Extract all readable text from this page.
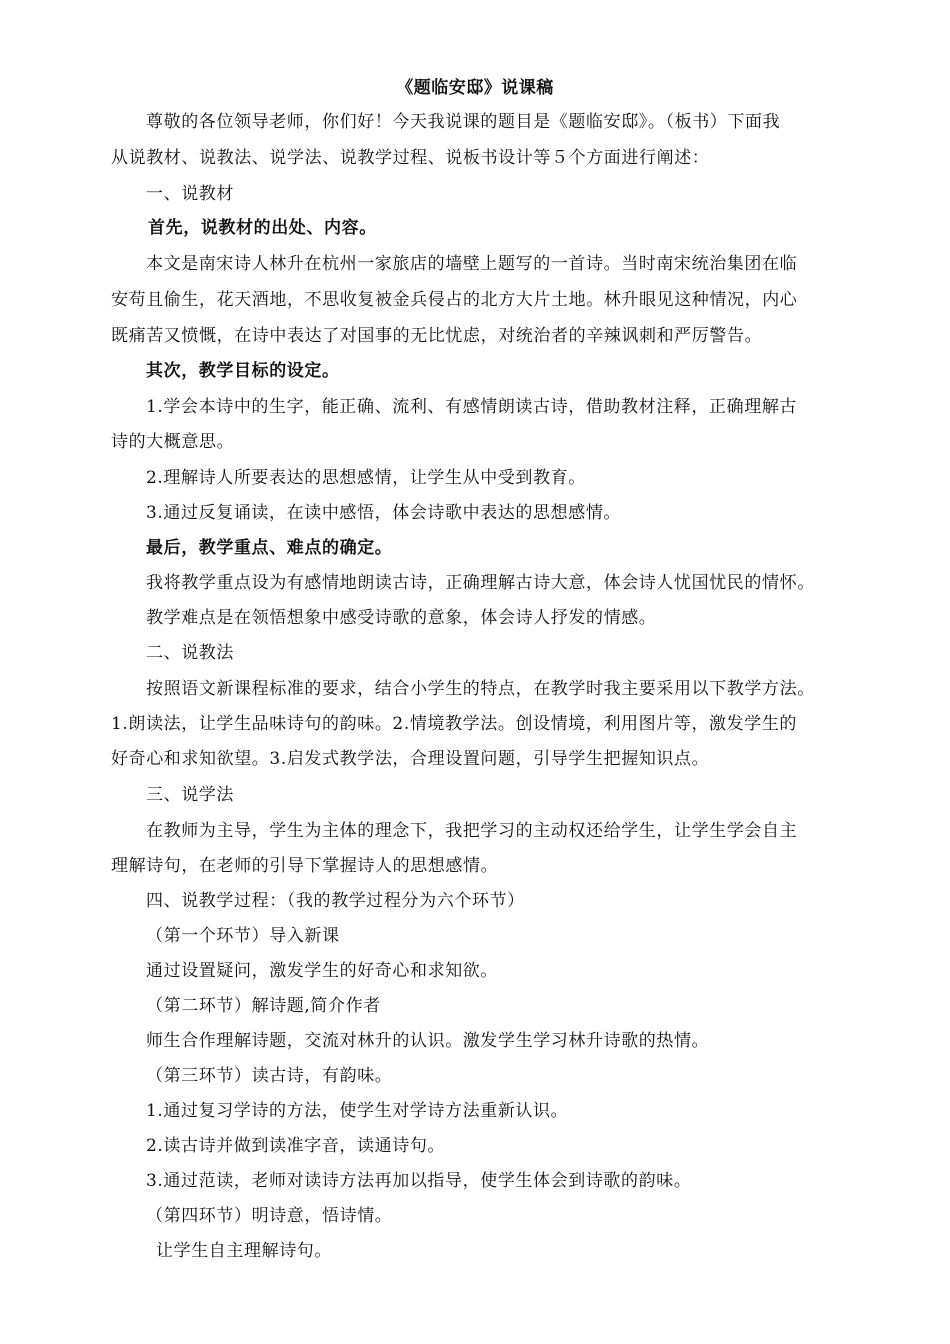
《题临安邸》说课稿
尊敬的各位领导老师，你们好！今天我说课的题目是《题临安邸》。（板书）下面我
从说教材、说教法、说学法、说教学过程、说板书设计等５个方面进行阐述：
一、说教材
首先，说教材的出处、内容。
本文是南宋诗人林升在杭州一家旅店的墙壁上题写的一首诗。当时南宋统治集团在临
安苟且偷生，花天酒地，不思收复被金兵侵占的北方大片土地。林升眼见这种情况，内心
既痛苦又愤慨，在诗中表达了对国事的无比忧虑，对统治者的辛辣讽刺和严厉警告。
其次，教学目标的设定。
1.学会本诗中的生字，能正确、流利、有感情朗读古诗，借助教材注释，正确理解古
诗的大概意思。
2.理解诗人所要表达的思想感情，让学生从中受到教育。
3.通过反复诵读，在读中感悟，体会诗歌中表达的思想感情。
最后，教学重点、难点的确定。
我将教学重点设为有感情地朗读古诗，正确理解古诗大意，体会诗人忧国忧民的情怀。
教学难点是在领悟想象中感受诗歌的意象，体会诗人抒发的情感。
二、说教法
按照语文新课程标准的要求，结合小学生的特点，在教学时我主要采用以下教学方法。
1.朗读法，让学生品味诗句的韵味。2.情境教学法。创设情境，利用图片等，激发学生的
好奇心和求知欲望。3.启发式教学法，合理设置问题，引导学生把握知识点。
三、说学法
在教师为主导，学生为主体的理念下，我把学习的主动权还给学生，让学生学会自主
理解诗句，在老师的引导下掌握诗人的思想感情。
四、说教学过程：（我的教学过程分为六个环节）
（第一个环节）导入新课
通过设置疑问，激发学生的好奇心和求知欲。
（第二环节）解诗题,简介作者
师生合作理解诗题，交流对林升的认识。激发学生学习林升诗歌的热情。
（第三环节）读古诗，有韵味。
1.通过复习学诗的方法，使学生对学诗方法重新认识。
2.读古诗并做到读准字音，读通诗句。
3.通过范读，老师对读诗方法再加以指导，使学生体会到诗歌的韵味。
（第四环节）明诗意，悟诗情。
让学生自主理解诗句。
